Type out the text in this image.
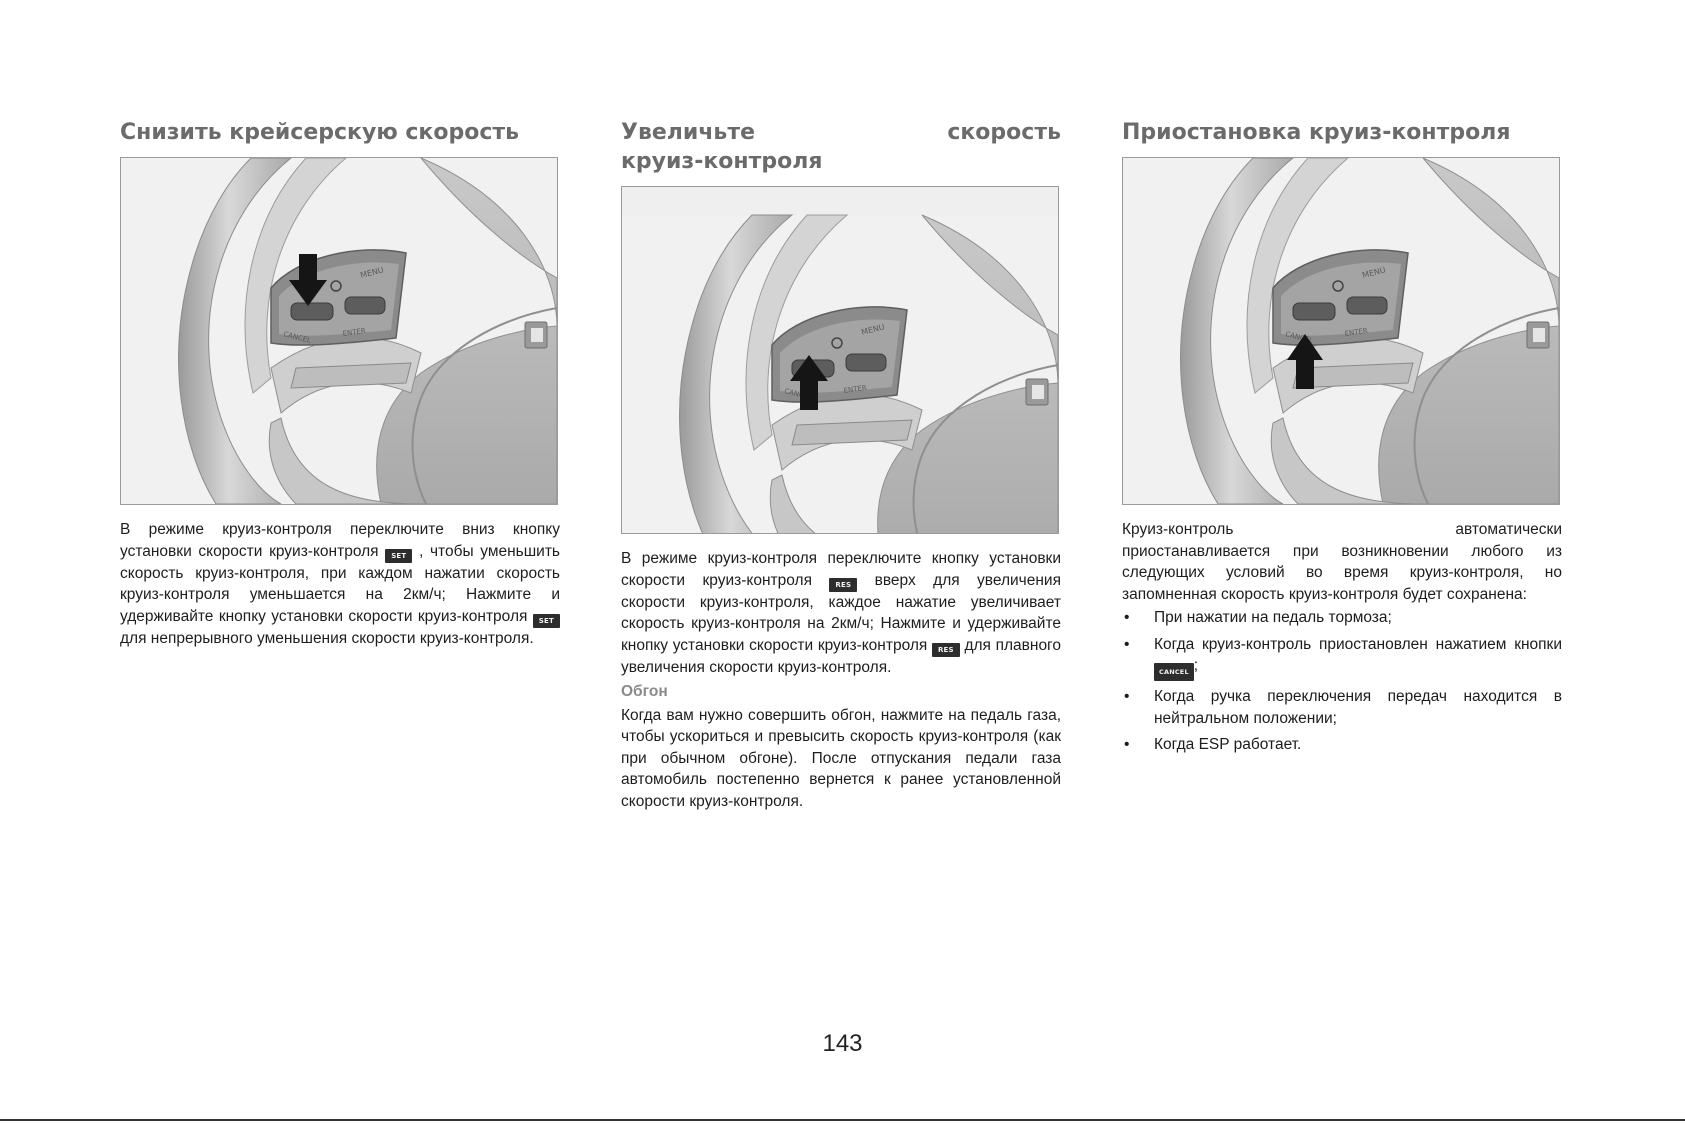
Снизить крейсерскую скорость

В режиме круиз-контроля переключите вниз кнопку установки скорости круиз-контроля SET , чтобы уменьшить скорость круиз-контроля, при каждом нажатии скорость круиз-контроля уменьшается на 2км/ч; Нажмите и удерживайте кнопку установки скорости круиз-контроля SET для непрерывного уменьшения скорости круиз-контроля.

Увеличьте скорость
круиз-контроля

В режиме круиз-контроля переключите кнопку установки скорости круиз-контроля RES вверх для увеличения скорости круиз-контроля, каждое нажатие увеличивает скорость круиз-контроля на 2км/ч; Нажмите и удерживайте кнопку установки скорости круиз-контроля RES для плавного увеличения скорости круиз-контроля.

Обгон

Когда вам нужно совершить обгон, нажмите на педаль газа, чтобы ускориться и превысить скорость круиз-контроля (как при обычном обгоне). После отпускания педали газа автомобиль постепенно вернется к ранее установленной скорости круиз-контроля.

Приостановка круиз-контроля

Круиз-контроль автоматически

приостанавливается при возникновении любого из следующих условий во время круиз-контроля, но запомненная скорость круиз-контроля будет сохранена:

• При нажатии на педаль тормоза;
• Когда круиз-контроль приостановлен нажатием кнопки CANCEL ;
• Когда ручка переключения передач находится в нейтральном положении;
• Когда ESP работает.
143
